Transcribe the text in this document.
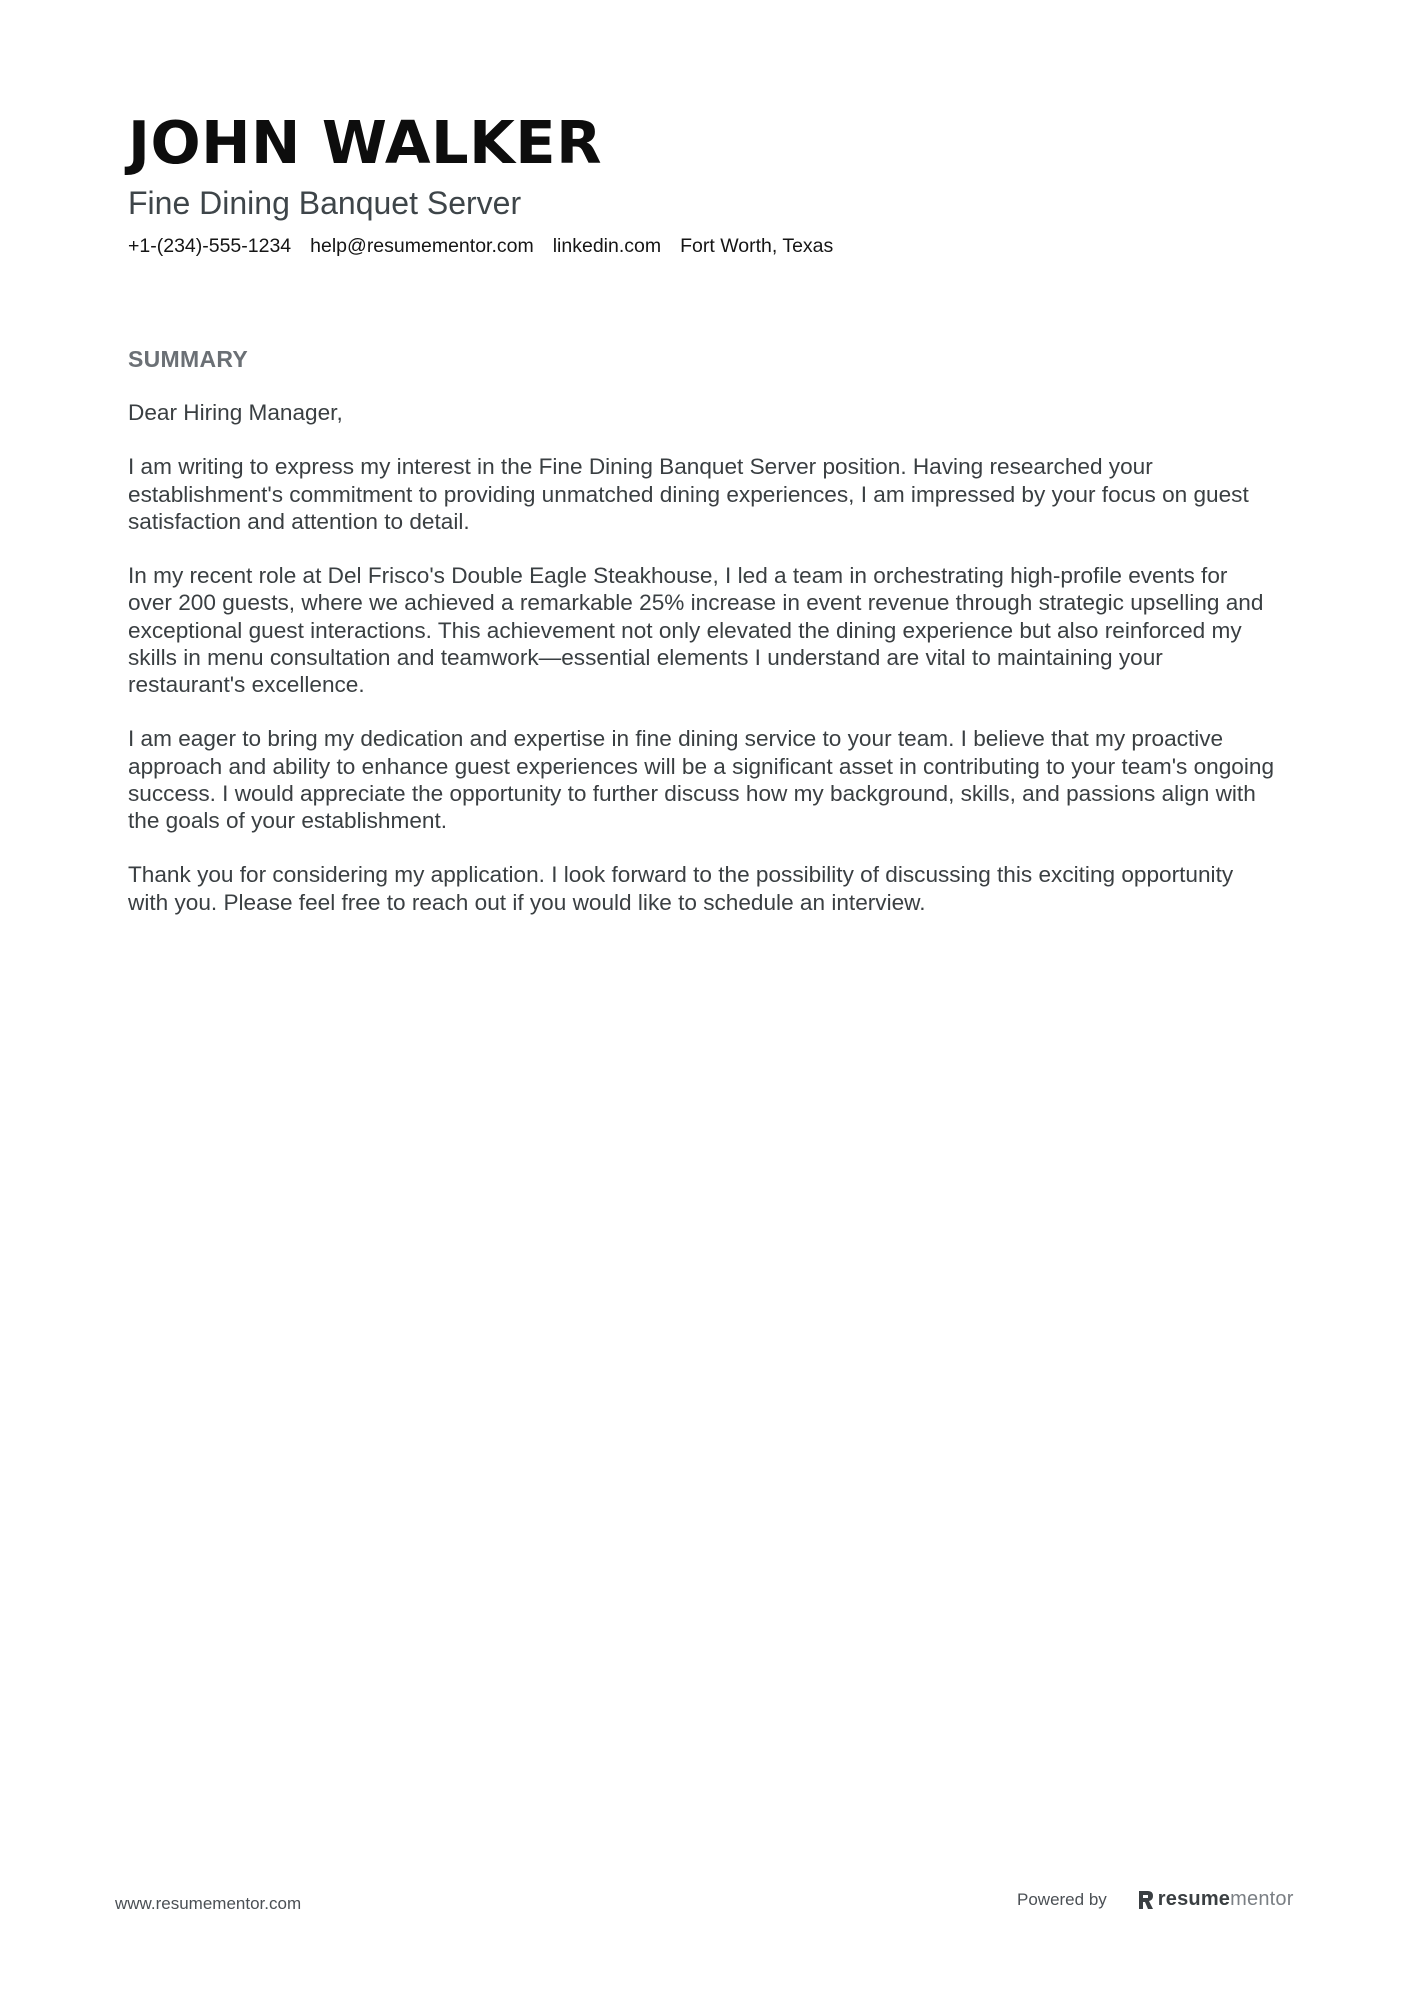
JOHN WALKER
Fine Dining Banquet Server
+1-(234)-555-1234 help@resumementor.com linkedin.com Fort Worth, Texas
SUMMARY

Dear Hiring Manager,

I am writing to express my interest in the Fine Dining Banquet Server position. Having researched your establishment's commitment to providing unmatched dining experiences, I am impressed by your focus on guest satisfaction and attention to detail.

In my recent role at Del Frisco's Double Eagle Steakhouse, I led a team in orchestrating high-profile events for over 200 guests, where we achieved a remarkable 25% increase in event revenue through strategic upselling and exceptional guest interactions. This achievement not only elevated the dining experience but also reinforced my skills in menu consultation and teamwork—essential elements I understand are vital to maintaining your restaurant's excellence.

I am eager to bring my dedication and expertise in fine dining service to your team. I believe that my proactive approach and ability to enhance guest experiences will be a significant asset in contributing to your team's ongoing success. I would appreciate the opportunity to further discuss how my background, skills, and passions align with the goals of your establishment.

Thank you for considering my application. I look forward to the possibility of discussing this exciting opportunity with you. Please feel free to reach out if you would like to schedule an interview.

www.resumementor.com	Powered by	resumementor
